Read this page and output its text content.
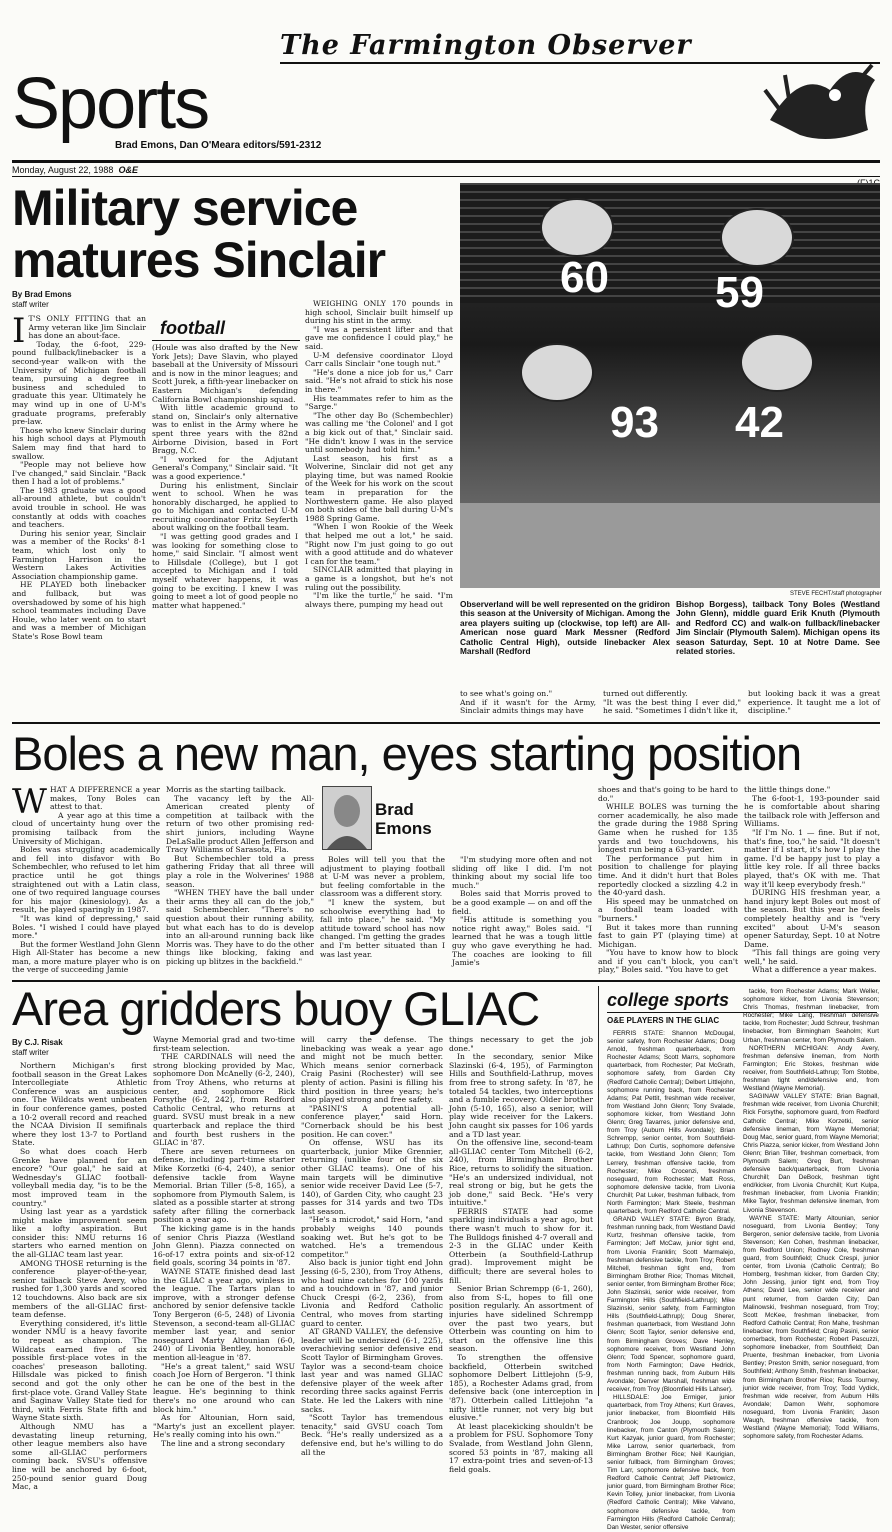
The Farmington Observer
Sports
Brad Emons, Dan O'Meara editors/591-2312
Monday, August 22, 1988 O&E
Military service
matures Sinclair
By Brad Emons
staff writer

I T'S ONLY FITTING that an Army veteran like Jim Sinclair has done an about-face.

Today, the 6-foot, 229-pound fullback/linebacker is a second-year walk-on with the University of Michigan football team, pursuing a degree in business and scheduled to graduate this year. Ultimately he may wind up in one of U-M's graduate programs, preferably pre-law.

Those who knew Sinclair during his high school days at Plymouth Salem may find that hard to swallow.

"People may not believe how I've changed," said Sinclair. "Back then I had a lot of problems."

The 1983 graduate was a good all-around athlete, but couldn't avoid trouble in school. He was constantly at odds with coaches and teachers.

During his senior year, Sinclair was a member of the Rocks' 8-1 team, which lost only to Farmington Harrison in the Western Lakes Activities Association championship game.

HE PLAYED both linebacker and fullback, but was overshadowed by some of his high school teammates including Dave Houle, who later went on to start and was a member of Michigan State's Rose Bowl team

football

(Houle was also drafted by the New York Jets); Dave Slavin, who played baseball at the University of Missouri and is now in the minor leagues; and Scott Jurek, a fifth-year linebacker on Eastern Michigan's defending California Bowl championship squad.

With little academic ground to stand on, Sinclair's only alternative was to enlist in the Army where he spent three years with the 82nd Airborne Division, based in Fort Bragg, N.C.

"I worked for the Adjutant General's Company," Sinclair said. "It was a good experience."

During his enlistment, Sinclair went to school. When he was honorably discharged, he applied to go to Michigan and contacted U-M recruiting coordinator Fritz Seyferth about walking on the football team.

"I was getting good grades and I was looking for something close to home," said Sinclair. "I almost went to Hillsdale (College), but I got accepted to Michigan and I told myself whatever happens, it was going to be exciting. I knew I was going to meet a lot of good people no matter what happened."

WEIGHING ONLY 170 pounds in high school, Sinclair built himself up during his stint in the army.

"I was a persistent lifter and that gave me confidence I could play," he said.

U-M defensive coordinator Lloyd Carr calls Sinclair "one tough nut."

"He's done a nice job for us," Carr said. "He's not afraid to stick his nose in there."

His teammates refer to him as the "Sarge."

"The other day Bo (Schembechler) was calling me 'the Colonel' and I got a big kick out of that," Sinclair said. "He didn't know I was in the service until somebody had told him."

Last season, his first as a Wolverine, Sinclair did not get any playing time, but was named Rookie of the Week for his work on the scout team in preparation for the Northwestern game. He also played on both sides of the ball during U-M's 1988 Spring Game.

"When I won Rookie of the Week that helped me out a lot," he said. "Right now I'm just going to go out with a good attitude and do whatever I can for the team."

SINCLAIR admitted that playing in a game is a longshot, but he's not ruling out the possibility.

"I'm like the turtle," he said. "I'm always there, pumping my head out

60 59
93 42
STEVE FECHT/staff photographer
Observerland will be well represented on the gridiron this season at the University of Michigan. Among the area players suiting up (clockwise, top left) are All-American nose guard Mark Messner (Redford Catholic Central High), outside linebacker Alex Marshall (Redford
Bishop Borgess), tailback Tony Boles (Westland John Glenn), middle guard Erik Knuth (Plymouth and Redford CC) and walk-on fullback/linebacker Jim Sinclair (Plymouth Salem). Michigan opens its season Saturday, Sept. 10 at Notre Dame. See related stories.
to see what's going on."
And if it wasn't for the Army, Sinclair admits things may have
turned out differently.
"It was the best thing I ever did," he said. "Sometimes I didn't like it,
but looking back it was a great experience. It taught me a lot of discipline."
Boles a new man, eyes starting position

WHAT A DIFFERENCE a year makes, Tony Boles can attest to that.

A year ago at this time a cloud of uncertainty hung over the promising tailback from the University of Michigan.

Boles was struggling academically and fell into disfavor with Bo Schembechler, who refused to let him practice until he got things straightened out with a Latin class, one of two required language courses for his major (kinesiology). As a result, he played sparingly in 1987.

"It was kind of depressing," said Boles. "I wished I could have played more."

But the former Westland John Glenn High All-Stater has become a new man, a more mature player who is on the verge of succeeding Jamie

Morris as the starting tailback.

The vacancy left by the All-American created plenty of competition at tailback with the return of two other promising red-shirt juniors, including Wayne DeLaSalle product Allen Jefferson and Tracy Williams of Sarasota, Fla.

But Schembechler told a press gathering Friday that all three will play a role in the Wolverines' 1988 season.

"WHEN THEY have the ball under their arms they all can do the job," said Schembechler. "There's no question about their running ability, but what each has to do is develop into an all-around running back like Morris was. They have to do the other things like blocking, faking and picking up blitzes in the backfield."

Brad
Emons

Boles will tell you that the adjustment to playing football at U-M was never a problem, but feeling comfortable in the classroom was a different story.

"I knew the system, but schoolwise everything had to fall into place," he said. "My attitude toward school has now changed. I'm getting the grades and I'm better situated than I was last year.

"I'm studying more often and not sliding off like I did. I'm not thinking about my social life too much."

Boles said that Morris proved to be a good example — on and off the field.

"His attitude is something you notice right away," Boles said. "I learned that he was a tough little guy who gave everything he had. The coaches are looking to fill Jamie's

shoes and that's going to be hard to do."

WHILE BOLES was turning the corner academically, he also made the grade during the 1988 Spring Game when he rushed for 135 yards and two touchdowns, his longest run being a 63-yarder.

The performance put him in position to challenge for playing time. And it didn't hurt that Boles reportedly clocked a sizzling 4.2 in the 40-yard dash.

His speed may be unmatched on a football team loaded with "burners."

But it takes more than running fast to gain PT (playing time) at Michigan.

"You have to know how to block and if you can't block, you can't play," Boles said. "You have to get

the little things done."

The 6-foot-1, 193-pounder said he is comfortable about sharing the tailback role with Jefferson and Williams.

"If I'm No. 1 — fine. But if not, that's fine, too," he said. "It doesn't matter if I start, it's how I play the game. I'd be happy just to play a little key role. If all three backs played, that's OK with me. That way it'll keep everybody fresh."

DURING HIS freshman year, a hand injury kept Boles out most of the season. But this year he feels completely healthy and is "very excited" about U-M's season opener Saturday, Sept. 10 at Notre Dame.

"This fall things are going very well," he said.

What a difference a year makes.

Area gridders buoy GLIAC
By C.J. Risak
staff writer

Northern Michigan's first football season in the Great Lakes Intercollegiate Athletic Conference was an auspicious one. The Wildcats went unbeaten in four conference games, posted a 10-2 overall record and reached the NCAA Division II semifinals where they lost 13-7 to Portland State.

So what does coach Herb Grenke have planned for an encore? "Our goal," he said at Wednesday's GLIAC football-volleyball media day, "is to be the most improved team in the country."

Using last year as a yardstick might make improvement seem like a lofty aspiration. But consider this: NMU returns 16 starters who earned mention on the all-GLIAC team last year.

AMONG THOSE returning is the conference player-of-the-year, senior tailback Steve Avery, who rushed for 1,300 yards and scored 12 touchdowns. Also back are six members of the all-GLIAC first-team defense.

Everything considered, it's little wonder NMU is a heavy favorite to repeat as champion. The Wildcats earned five of six possible first-place votes in the coaches' preseason balloting. Hillsdale was picked to finish second and got the only other first-place vote. Grand Valley State and Saginaw Valley State tied for third, with Ferris State fifth and Wayne State sixth.

Although NMU has a devastating lineup returning, other league members also have some all-GLIAC performers coming back. SVSU's offensive line will be anchored by 6-foot, 250-pound senior guard Doug Mac, a

Wayne Memorial grad and two-time first-team selection.

THE CARDINALS will need the strong blocking provided by Mac, sophomore Don McAnelly (6-2, 240), from Troy Athens, who returns at center, and sophomore Rick Forsythe (6-2, 242), from Redford Catholic Central, who returns at guard. SVSU must break in a new quarterback and replace the third and fourth best rushers in the GLIAC in '87.

There are seven returnees on defense, including part-time starter Mike Korzetki (6-4, 240), a senior defensive tackle from Wayne Memorial. Brian Tiller (5-8, 165), a sophomore from Plymouth Salem, is slated as a possible starter at strong safety after filling the cornerback position a year ago.

The kicking game is in the hands of senior Chris Piazza (Westland John Glenn). Piazza connected on 16-of-17 extra points and six-of-12 field goals, scoring 34 points in '87.

WAYNE STATE finished dead last in the GLIAC a year ago, winless in the league. The Tartars plan to improve, with a stronger defense anchored by senior defensive tackle Tony Bergeron (6-5, 248) of Livonia Stevenson, a second-team all-GLIAC member last year, and senior noseguard Marty Altounian (6-0, 240) of Livonia Bentley, honorable mention all-league in '87.

"He's a great talent," said WSU coach Joe Horn of Bergeron. "I think he can be one of the best in the league. He's beginning to think there's no one around who can block him."

As for Altounian, Horn said, "Marty's just an excellent player. He's really coming into his own."

The line and a strong secondary

will carry the defense. The linebacking was weak a year ago and might not be much better. Which means senior cornerback Craig Pasini (Rochester) will see plenty of action. Pasini is filling his third position in three years; he's also played strong and free safety.

"PASINI'S A potential all-conference player," said Horn. "Cornerback should be his best position. He can cover."

On offense, WSU has its quarterback, junior Mike Grennier, returning (unlike four of the six other GLIAC teams). One of his main targets will be diminutive senior wide receiver David Lee (5-7, 140), of Garden City, who caught 23 passes for 314 yards and two TDs last season.

"He's a microdot," said Horn, "and probably weighs 140 pounds soaking wet. But he's got to be watched. He's a tremendous competitor."

Also back is junior tight end John Jessing (6-5, 230), from Troy Athens, who had nine catches for 100 yards and a touchdown in '87, and junior Chuck Crespi (6-2, 236), from Livonia and Redford Catholic Central, who moves from starting guard to center.

AT GRAND VALLEY, the defensive leader will be undersized (6-1, 225), overachieving senior defensive end Scott Taylor of Birmingham Groves. Taylor was a second-team choice last year and was named GLIAC defensive player of the week after recording three sacks against Ferris State. He led the Lakers with nine sacks.

"Scott Taylor has tremendous tenacity," said GVSU coach Tom Beck. "He's really undersized as a defensive end, but he's willing to do all the

things necessary to get the job done."

In the secondary, senior Mike Slazinski (6-4, 195), of Farmington Hills and Southfield-Lathrup, moves from free to strong safety. In '87, he totaled 54 tackles, two interceptions and a fumble recovery. Older brother John (5-10, 165), also a senior, will play wide receiver for the Lakers. John caught six passes for 106 yards and a TD last year.

On the offensive line, second-team all-GLIAC center Tom Mitchell (6-2, 240), from Birmingham Brother Rice, returns to solidify the situation. "He's an undersized individual, not real strong or big, but he gets the job done," said Beck. "He's very intuitive."

FERRIS STATE had some sparkling individuals a year ago, but there wasn't much to show for it. The Bulldogs finished 4-7 overall and 2-3 in the GLIAC under Keith Otterbein (a Southfield-Lathrup grad). Improvement might be difficult; there are several holes to fill.

Senior Brian Schrempp (6-1, 260), also from S-L, hopes to fill one position regularly. An assortment of injuries have sidelined Schrempp over the past two years, but Otterbein was counting on him to start on the offensive line this season.

To strengthen the offensive backfield, Otterbein switched sophomore Delbert Littlejohn (5-9, 185), a Rochester Adams grad, from defensive back (one interception in '87). Otterbein called Littlejohn "a nifty little runner, not very big but elusive."

At least placekicking shouldn't be a problem for FSU. Sophomore Tony Svalade, from Westland John Glenn, scored 53 points in '87, making all 17 extra-point tries and seven-of-13 field goals.

college sports
O&E PLAYERS IN THE GLIAC

FERRIS STATE: Shannon McDougal, senior safety, from Rochester Adams; Doug Arnold, freshman quarterback, from Rochester Adams; Scott Marrs, sophomore quarterback, from Rochester; Pat McGrath, sophomore safety, from Garden City (Redford Catholic Central); Delbert Littlejohn, sophomore running back, from Rochester Adams; Pat Pettit, freshman wide receiver, from Westland John Glenn; Tony Svalade, sophomore kicker, from Westland John Glenn; Greg Tavarres, junior defensive end, from Troy (Auburn Hills Avondale); Brian Schrempp, senior center, from Southfield-Lathrup; Don Curtis, sophomore defensive tackle, from Westland John Glenn; Tom Lerrery, freshman offensive tackle, from Rochester; Mike Crocenzi, freshman noseguard, from Rochester; Matt Ross, sophomore defensive tackle, from Livonia Churchill; Pat Luker, freshman fullback, from North Farmington; Mark Steele, freshman quarterback, from Redford Catholic Central.

GRAND VALLEY STATE: Byron Brady, freshman running back, from Westland David Kurtz, freshman offensive tackle, from Farmington; Jeff McCaw, junior tight end, from Livonia Franklin; Scott Marmalejo, freshman defensive tackle, from Troy; Robert Mitchell, freshman tight end, from Birmingham Brother Rice; Thomas Mitchell, senior center, from Birmingham Brother Rice; John Slazinski, senior wide receiver, from Farmington Hills (Southfield-Lathrup); Mike Slazinski, senior safety, from Farmington Hills (Southfield-Lathrup); Doug Sherer, freshman quarterback, from Westland John Glenn; Scott Taylor, senior defensive end, from Birmingham Groves; Dave Henley, sophomore receiver, from Westland John Glenn; Todd Spencer, sophomore guard, from North Farmington; Dave Hedrick, freshman running back, from Auburn Hills Avondale; Denver Marshall, freshman wide receiver, from Troy (Bloomfield Hills Lahser).

HILLSDALE: Joe Ermiger, junior quarterback, from Troy Athens; Kurt Graves, junior linebacker, from Bloomfield Hills Cranbrook; Joe Joupp, sophomore linebacker, from Canton (Plymouth Salem); Kurt Kazyak, junior guard, from Rochester; Mike Larrow, senior quarterback, from Birmingham Brother Rice; Neil Kaurigian, senior fullback, from Birmingham Groves; Tim Larr, sophomore defensive back, from Redford Catholic Central; Jeff Pietrowicz, junior guard, from Birmingham Brother Rice; Kevin Tolley, junior linebacker, from Livonia (Redford Catholic Central); Mike Valvano, sophomore defensive tackle, from Farmington Hills (Redford Catholic Central); Dan Wester, senior offensive

tackle, from Rochester Adams; Mark Weller, sophomore kicker, from Livonia Stevenson; Chris Thomas, freshman linebacker, from Rochester; Mike Lang, freshman defensive tackle, from Rochester; Judd Schreur, freshman linebacker, from Birmingham Seaholm; Kurt Urban, freshman center, from Plymouth Salem.

NORTHERN MICHIGAN: Andy Avery, freshman defensive lineman, from North Farmington; Eric Stokes, freshman wide receiver, from Southfield-Lathrup; Tom Stobbe, freshman tight end/defensive end, from Westland (Wayne Memorial).

SAGINAW VALLEY STATE: Brian Bagnall, freshman wide receiver, from Livonia Churchill; Rick Forsythe, sophomore guard, from Redford Catholic Central; Mike Korzetki, senior defensive lineman, from Wayne Memorial; Doug Mac, senior guard, from Wayne Memorial; Chris Piazza, senior kicker, from Westland John Glenn; Brian Tiller, freshman cornerback, from Plymouth Salem; Greg Burt, freshman defensive back/quarterback, from Livonia Churchill; Dan DeBock, freshman tight end/kicker, from Livonia Churchill; Kurt Kulpa, freshman linebacker, from Livonia Franklin; Mike Taylor, freshman defensive lineman, from Livonia Stevenson.

WAYNE STATE: Marty Altounian, senior noseguard, from Livonia Bentley; Tony Bergeron, senior defensive tackle, from Livonia Stevenson; Ken Cohen, freshman linebacker, from Redford Union; Rodney Cole, freshman guard, from Southfield; Chuck Crespi, junior center, from Livonia (Catholic Central); Bo Homberg, freshman kicker, from Garden City; John Jessing, junior tight end, from Troy Athens; David Lee, senior wide receiver and punt returner, from Garden City; Dan Malinowski, freshman noseguard, from Troy; Scott McKee, freshman linebacker, from Redford Catholic Central; Ron Mahe, freshman linebacker, from Southfield; Craig Pasini, senior cornerback, from Rochester; Robert Pascuzzi, sophomore linebacker, from Southfield; Dan Pruente, freshman linebacker, from Livonia Bentley; Preston Smith, senior noseguard, from Southfield; Anthony Smith, freshman linebacker, from Birmingham Brother Rice; Russ Tourney, junior wide receiver, from Troy; Todd Vydick, freshman wide receiver, from Auburn Hills Avondale; Damon Wehr, sophomore noseguard, from Livonia Franklin; Jason Waugh, freshman offensive tackle, from Westland (Wayne Memorial); Todd Williams, sophomore safety, from Rochester Adams.
